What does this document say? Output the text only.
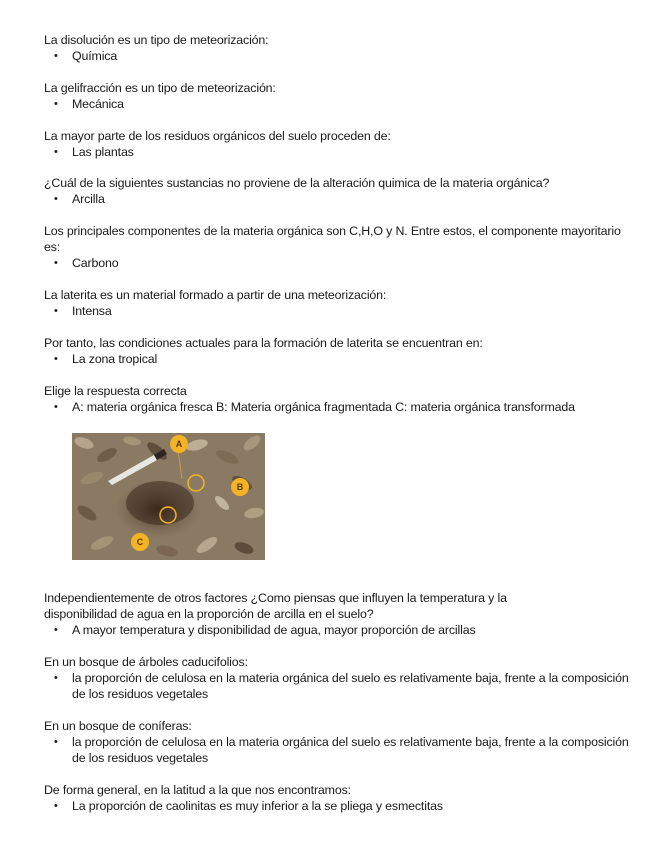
La disolución es un tipo de meteorización:

• Química

La gelifracción es un tipo de meteorización:

• Mecánica

La mayor parte de los residuos orgánicos del suelo proceden de:

• Las plantas

¿Cuál de la siguientes sustancias no proviene de la alteración quimica de la materia orgánica?

• Arcilla

Los principales componentes de la materia orgánica son C,H,O y N. Entre estos, el componente mayoritario es:

• Carbono

La laterita es un material formado a partir de una meteorización:

• Intensa

Por tanto, las condiciones actuales para la formación de laterita se encuentran en:

• La zona tropical

Elige la respuesta correcta

• A: materia orgánica fresca B: Materia orgánica fragmentada C: materia orgánica transformada

A
B
C

Independientemente de otros factores ¿Como piensas que influyen la temperatura y la disponibilidad de agua en la proporción de arcilla en el suelo?

• A mayor temperatura y disponibilidad de agua, mayor proporción de arcillas

En un bosque de árboles caducifolios:

• la proporción de celulosa en la materia orgánica del suelo es relativamente baja, frente a la composición de los residuos vegetales

En un bosque de coníferas:

• la proporción de celulosa en la materia orgánica del suelo es relativamente baja, frente a la composición de los residuos vegetales

De forma general, en la latitud a la que nos encontramos:

• La proporción de caolinitas es muy inferior a la se pliega y esmectitas
